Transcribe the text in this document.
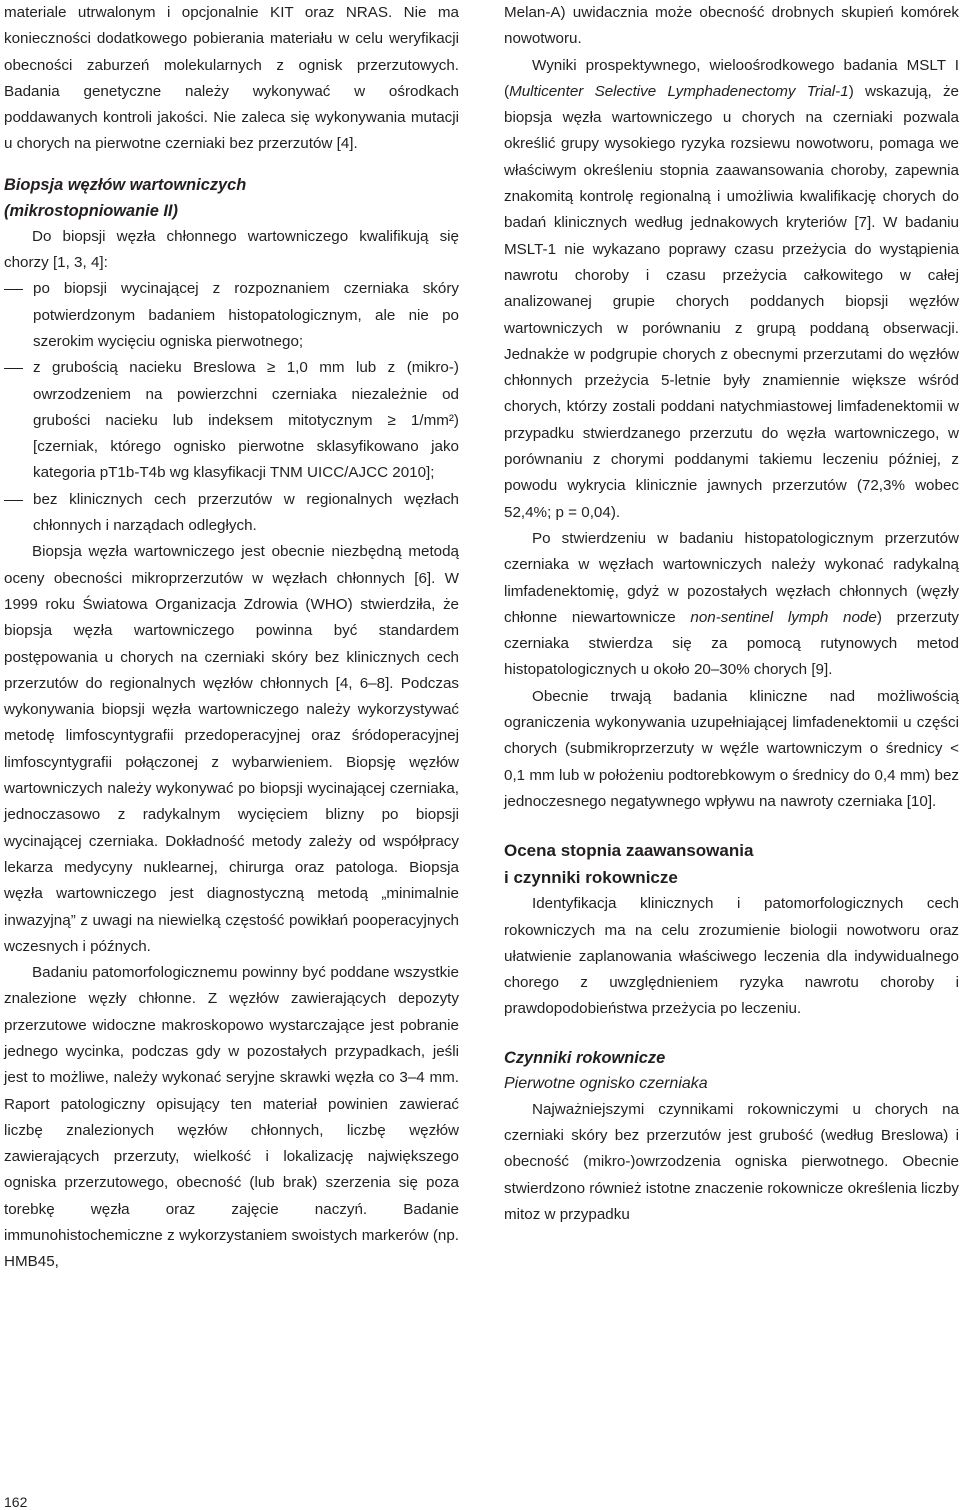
materiale utrwalonym i opcjonalnie KIT oraz NRAS. Nie ma konieczności dodatkowego pobierania materiału w celu weryfikacji obecności zaburzeń molekularnych z ognisk przerzutowych. Badania genetyczne należy wykonywać w ośrodkach poddawanych kontroli jakości. Nie zaleca się wykonywania mutacji u chorych na pierwotne czerniaki bez przerzutów [4].

Biopsja węzłów wartowniczych
(mikrostopniowanie II)

Do biopsji węzła chłonnego wartowniczego kwalifikują się chorzy [1, 3, 4]:

po biopsji wycinającej z rozpoznaniem czerniaka skóry potwierdzonym badaniem histopatologicznym, ale nie po szerokim wycięciu ogniska pierwotnego;
z grubością nacieku Breslowa ≥ 1,0 mm lub z (mikro-) owrzodzeniem na powierzchni czerniaka niezależnie od grubości nacieku lub indeksem mitotycznym ≥ 1/mm²) [czerniak, którego ognisko pierwotne sklasyfikowano jako kategoria pT1b-T4b wg klasyfikacji TNM UICC/AJCC 2010];
bez klinicznych cech przerzutów w regionalnych węzłach chłonnych i narządach odległych.

Biopsja węzła wartowniczego jest obecnie niezbędną metodą oceny obecności mikroprzerzutów w węzłach chłonnych [6]. W 1999 roku Światowa Organizacja Zdrowia (WHO) stwierdziła, że biopsja węzła wartowniczego powinna być standardem postępowania u chorych na czerniaki skóry bez klinicznych cech przerzutów do regionalnych węzłów chłonnych [4, 6–8]. Podczas wykonywania biopsji węzła wartowniczego należy wykorzystywać metodę limfoscyntygrafii przedoperacyjnej oraz śródoperacyjnej limfoscyntygrafii połączonej z wybarwieniem. Biopsję węzłów wartowniczych należy wykonywać po biopsji wycinającej czerniaka, jednoczasowo z radykalnym wycięciem blizny po biopsji wycinającej czerniaka. Dokładność metody zależy od współpracy lekarza medycyny nuklearnej, chirurga oraz patologa. Biopsja węzła wartowniczego jest diagnostyczną metodą „minimalnie inwazyjną” z uwagi na niewielką częstość powikłań pooperacyjnych wczesnych i późnych.

Badaniu patomorfologicznemu powinny być poddane wszystkie znalezione węzły chłonne. Z węzłów zawierających depozyty przerzutowe widoczne makroskopowo wystarczające jest pobranie jednego wycinka, podczas gdy w pozostałych przypadkach, jeśli jest to możliwe, należy wykonać seryjne skrawki węzła co 3–4 mm. Raport patologiczny opisujący ten materiał powinien zawierać liczbę znalezionych węzłów chłonnych, liczbę węzłów zawierających przerzuty, wielkość i lokalizację największego ogniska przerzutowego, obecność (lub brak) szerzenia się poza torebkę węzła oraz zajęcie naczyń. Badanie immunohistochemiczne z wykorzystaniem swoistych markerów (np. HMB45,

Melan-A) uwidacznia może obecność drobnych skupień komórek nowotworu.

Wyniki prospektywnego, wieloośrodkowego badania MSLT I (Multicenter Selective Lymphadenectomy Trial-1) wskazują, że biopsja węzła wartowniczego u chorych na czerniaki pozwala określić grupy wysokiego ryzyka rozsiewu nowotworu, pomaga we właściwym określeniu stopnia zaawansowania choroby, zapewnia znakomitą kontrolę regionalną i umożliwia kwalifikację chorych do badań klinicznych według jednakowych kryteriów [7]. W badaniu MSLT-1 nie wykazano poprawy czasu przeżycia do wystąpienia nawrotu choroby i czasu przeżycia całkowitego w całej analizowanej grupie chorych poddanych biopsji węzłów wartowniczych w porównaniu z grupą poddaną obserwacji. Jednakże w podgrupie chorych z obecnymi przerzutami do węzłów chłonnych przeżycia 5-letnie były znamiennie większe wśród chorych, którzy zostali poddani natychmiastowej limfadenektomii w przypadku stwierdzanego przerzutu do węzła wartowniczego, w porównaniu z chorymi poddanymi takiemu leczeniu później, z powodu wykrycia klinicznie jawnych przerzutów (72,3% wobec 52,4%; p = 0,04).

Po stwierdzeniu w badaniu histopatologicznym przerzutów czerniaka w węzłach wartowniczych należy wykonać radykalną limfadenektomię, gdyż w pozostałych węzłach chłonnych (węzły chłonne niewartownicze non-sentinel lymph node) przerzuty czerniaka stwierdza się za pomocą rutynowych metod histopatologicznych u około 20–30% chorych [9].

Obecnie trwają badania kliniczne nad możliwością ograniczenia wykonywania uzupełniającej limfadenektomii u części chorych (submikroprzerzuty w węźle wartowniczym o średnicy < 0,1 mm lub w położeniu podtorebkowym o średnicy do 0,4 mm) bez jednoczesnego negatywnego wpływu na nawroty czerniaka [10].

Ocena stopnia zaawansowania
i czynniki rokownicze

Identyfikacja klinicznych i patomorfologicznych cech rokowniczych ma na celu zrozumienie biologii nowotworu oraz ułatwienie zaplanowania właściwego leczenia dla indywidualnego chorego z uwzględnieniem ryzyka nawrotu choroby i prawdopodobieństwa przeżycia po leczeniu.

Czynniki rokownicze
Pierwotne ognisko czerniaka

Najważniejszymi czynnikami rokowniczymi u chorych na czerniaki skóry bez przerzutów jest grubość (według Breslowa) i obecność (mikro-)owrzodzenia ogniska pierwotnego. Obecnie stwierdzono również istotne znaczenie rokownicze określenia liczby mitoz w przypadku

162
